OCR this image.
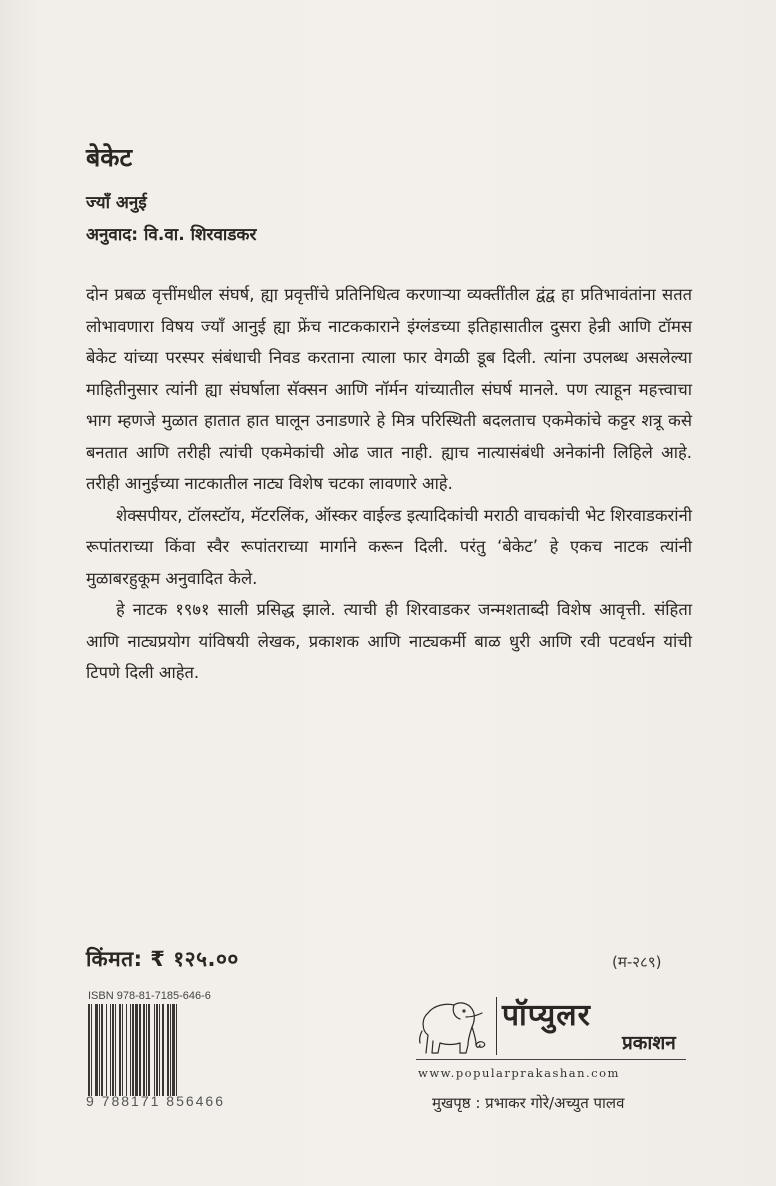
बेकेट
ज्याँ अनुई
अनुवाद: वि.वा. शिरवाडकर

दोन प्रबळ वृत्तींमधील संघर्ष, ह्या प्रवृत्तींचे प्रतिनिधित्व करणाऱ्या व्यक्तींतील द्वंद्व हा प्रतिभावंतांना सतत लोभावणारा विषय ज्याँ आनुई ह्या फ्रेंच नाटककाराने इंग्लंडच्या इतिहासातील दुसरा हेन्री आणि टॉमस बेकेट यांच्या परस्पर संबंधाची निवड करताना त्याला फार वेगळी डूब दिली. त्यांना उपलब्ध असलेल्या माहितीनुसार त्यांनी ह्या संघर्षाला सॅक्सन आणि नॉर्मन यांच्यातील संघर्ष मानले. पण त्याहून महत्त्वाचा भाग म्हणजे मुळात हातात हात घालून उनाडणारे हे मित्र परिस्थिती बदलताच एकमेकांचे कट्टर शत्रू कसे बनतात आणि तरीही त्यांची एकमेकांची ओढ जात नाही. ह्याच नात्यासंबंधी अनेकांनी लिहिले आहे. तरीही आनुईच्या नाटकातील नाट्य विशेष चटका लावणारे आहे.

शेक्सपीयर, टॉलस्टॉय, मॅटरलिंक, ऑस्कर वाईल्ड इत्यादिकांची मराठी वाचकांची भेट शिरवाडकरांनी रूपांतराच्या किंवा स्वैर रूपांतराच्या मार्गाने करून दिली. परंतु ‘बेकेट’ हे एकच नाटक त्यांनी मुळाबरहुकूम अनुवादित केले.

हे नाटक १९७१ साली प्रसिद्ध झाले. त्याची ही शिरवाडकर जन्मशताब्दी विशेष आवृत्ती. संहिता आणि नाट्यप्रयोग यांविषयी लेखक, प्रकाशक आणि नाट्यकर्मी बाळ धुरी आणि रवी पटवर्धन यांची टिपणे दिली आहेत.

किंमत: ₹ १२५.००	(म-२८९)
ISBN 978-81-7185-646-6
9 788171 856466
पॉप्युलर
प्रकाशन
www.popularprakashan.com
मुखपृष्ठ : प्रभाकर गोरे/अच्युत पालव
